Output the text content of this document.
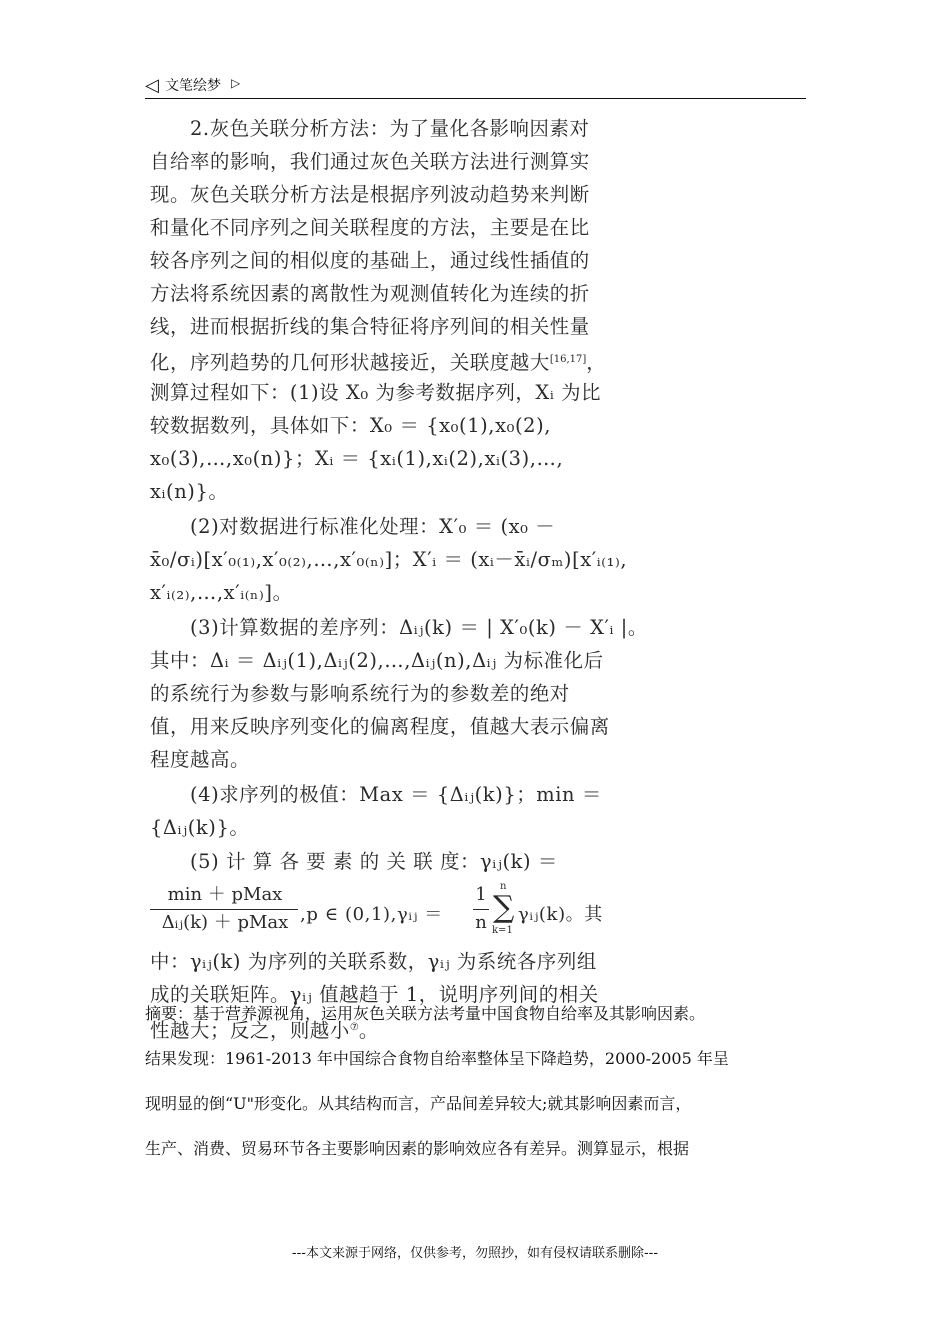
◁ 文笔绘梦 ▷
2.灰色关联分析方法：为了量化各影响因素对
自给率的影响，我们通过灰色关联方法进行测算实
现。灰色关联分析方法是根据序列波动趋势来判断
和量化不同序列之间关联程度的方法，主要是在比
较各序列之间的相似度的基础上，通过线性插值的
方法将系统因素的离散性为观测值转化为连续的折
线，进而根据折线的集合特征将序列间的相关性量
化，序列趋势的几何形状越接近，关联度越大[16,17]，
测算过程如下：(1)设 X₀ 为参考数据序列，Xᵢ 为比
较数据数列，具体如下：X₀ ＝ {x₀(1),x₀(2),
x₀(3),…,x₀(n)}；Xᵢ ＝ {xᵢ(1),xᵢ(2),xᵢ(3),…,
xᵢ(n)}。
(2)对数据进行标准化处理：X′₀ ＝ (x₀ －
x̄₀/σᵢ)[x′₀₍₁₎,x′₀₍₂₎,…,x′₀₍ₙ₎]；X′ᵢ ＝ (xᵢ－x̄ᵢ/σₘ)[x′ᵢ₍₁₎,
x′ᵢ₍₂₎,…,x′ᵢ₍ₙ₎]。
(3)计算数据的差序列：Δᵢⱼ(k) ＝ | X′₀(k) － X′ᵢ |。
其中：Δᵢ ＝ Δᵢⱼ(1),Δᵢⱼ(2),…,Δᵢⱼ(n),Δᵢⱼ 为标准化后
的系统行为参数与影响系统行为的参数差的绝对
值，用来反映序列变化的偏离程度，值越大表示偏离
程度越高。
(4)求序列的极值：Max ＝ {Δᵢⱼ(k)}；min ＝
{Δᵢⱼ(k)}。
(5) 计 算 各 要 素 的 关 联 度：γᵢⱼ(k) ＝
min ＋ pMax
Δᵢⱼ(k) ＋ pMax ,p ∈ (0,1),γᵢⱼ ＝
1
n
n
∑
k=1
γᵢⱼ(k)。其
中：γᵢⱼ(k) 为序列的关联系数，γᵢⱼ 为系统各序列组
成的关联矩阵。γᵢⱼ 值越趋于 1，说明序列间的相关
性越大；反之，则越小⑦。
摘要：基于营养源视角，运用灰色关联方法考量中国食物自给率及其影响因素。
结果发现：1961-2013 年中国综合食物自给率整体呈下降趋势，2000-2005 年呈
现明显的倒“U"形变化。从其结构而言，产品间差异较大;就其影响因素而言，
生产、消费、贸易环节各主要影响因素的影响效应各有差异。测算显示，根据
---本文来源于网络，仅供参考，勿照抄，如有侵权请联系删除---
